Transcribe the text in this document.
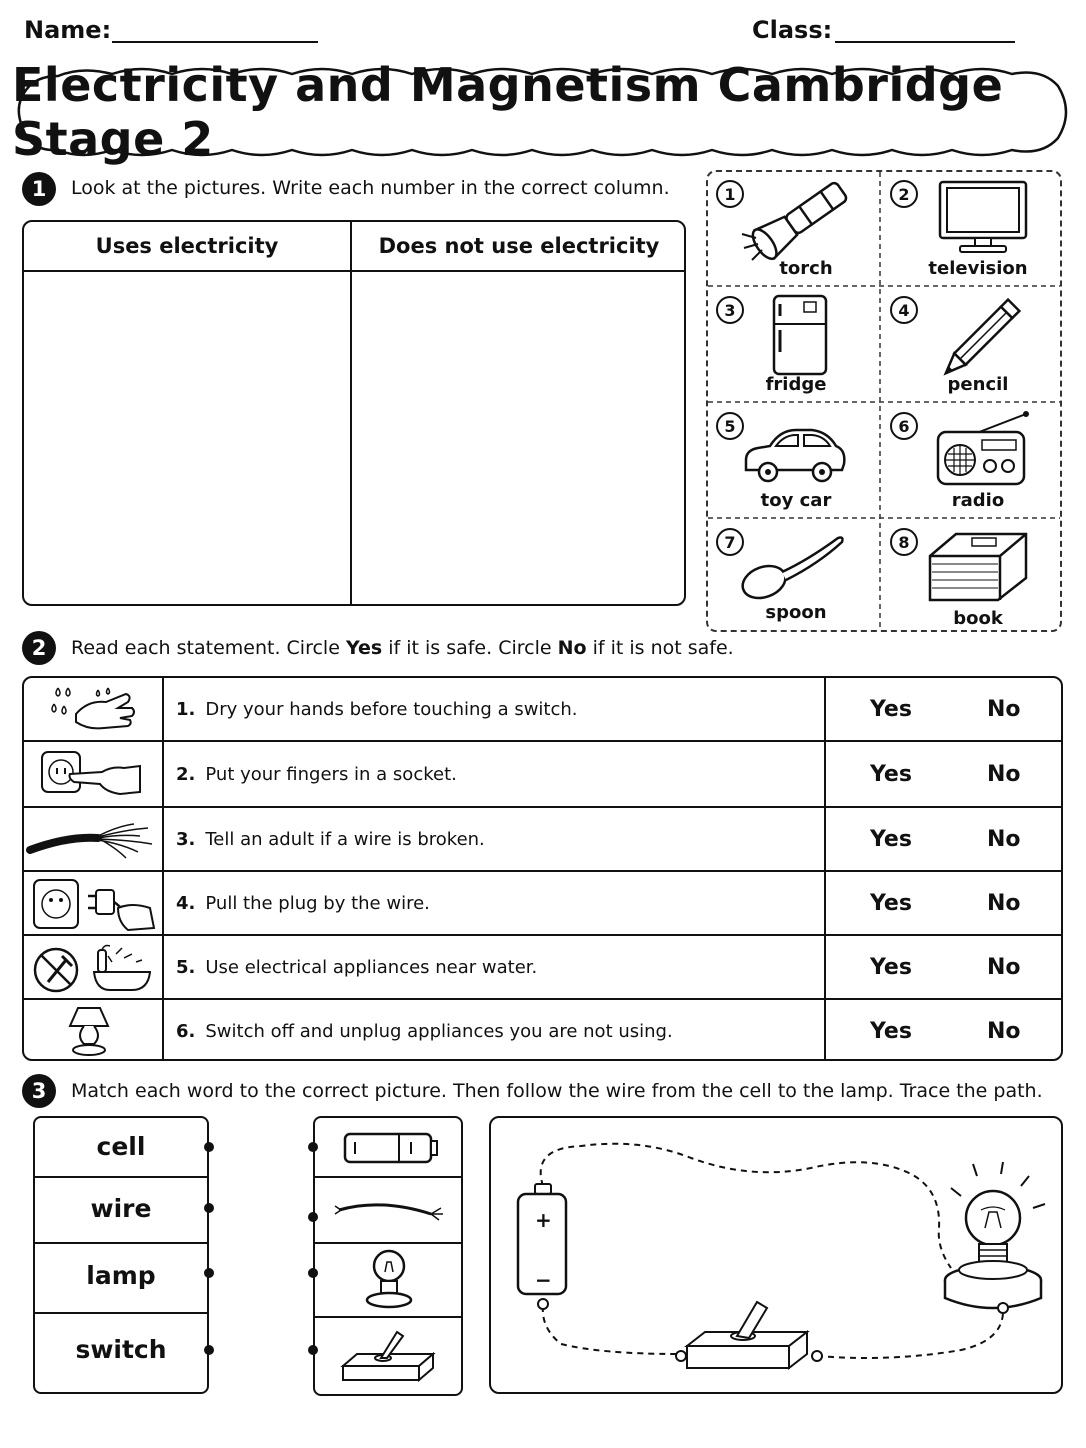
Name:	Class:
Electricity and Magnetism Cambridge Stage 2
1	Look at the pictures. Write each number in the correct column.
Uses electricity	Does not use electricity
1
torch
2
television
3
fridge
4
pencil
5
toy car
6
radio
7
spoon
8
book
2	Read each statement. Circle Yes if it is safe. Circle No if it is not safe.
1. Dry your hands before touching a switch.	Yes	No
2. Put your fingers in a socket.	Yes	No
3. Tell an adult if a wire is broken.	Yes	No
4. Pull the plug by the wire.	Yes	No
5. Use electrical appliances near water.	Yes	No
6. Switch off and unplug appliances you are not using.	Yes	No
3	Match each word to the correct picture. Then follow the wire from the cell to the lamp. Trace the path.
cell
wire
lamp
switch
+
−
